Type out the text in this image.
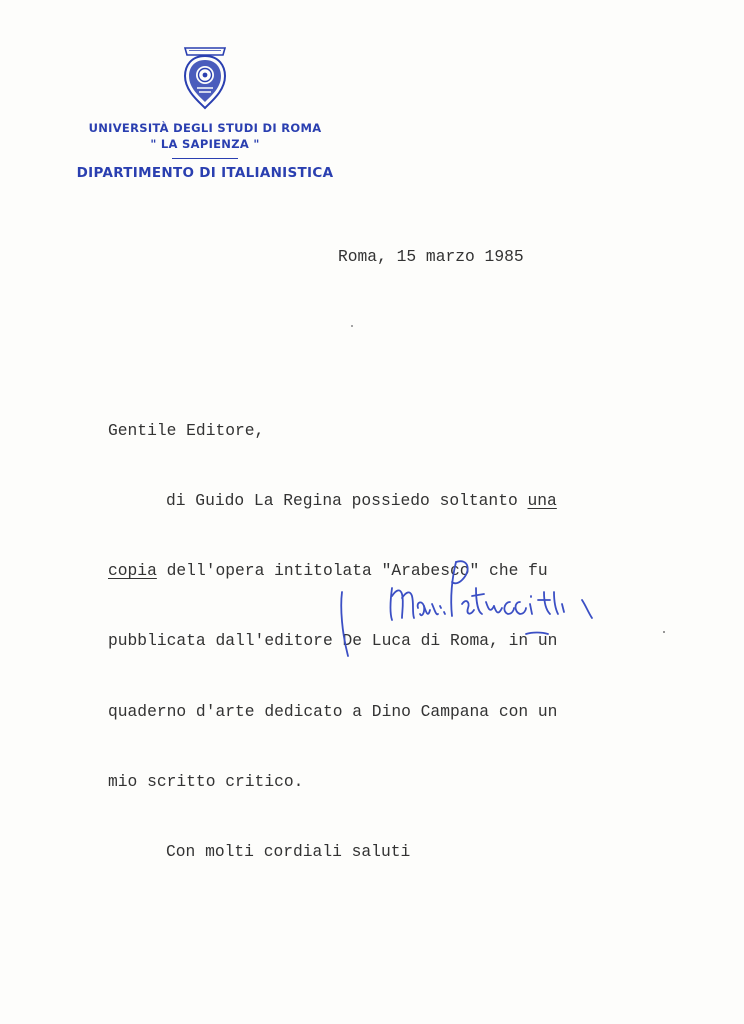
UNIVERSITÀ DEGLI STUDI DI ROMA
" LA SAPIENZA "
DIPARTIMENTO DI ITALIANISTICA
Roma, 15 marzo 1985

Gentile Editore,

di Guido La Regina possiedo soltanto una

copia dell'opera intitolata "Arabesco" che fu

pubblicata dall'editore De Luca di Roma, in un

quaderno d'arte dedicato a Dino Campana con un

mio scritto critico.

Con molti cordiali saluti
